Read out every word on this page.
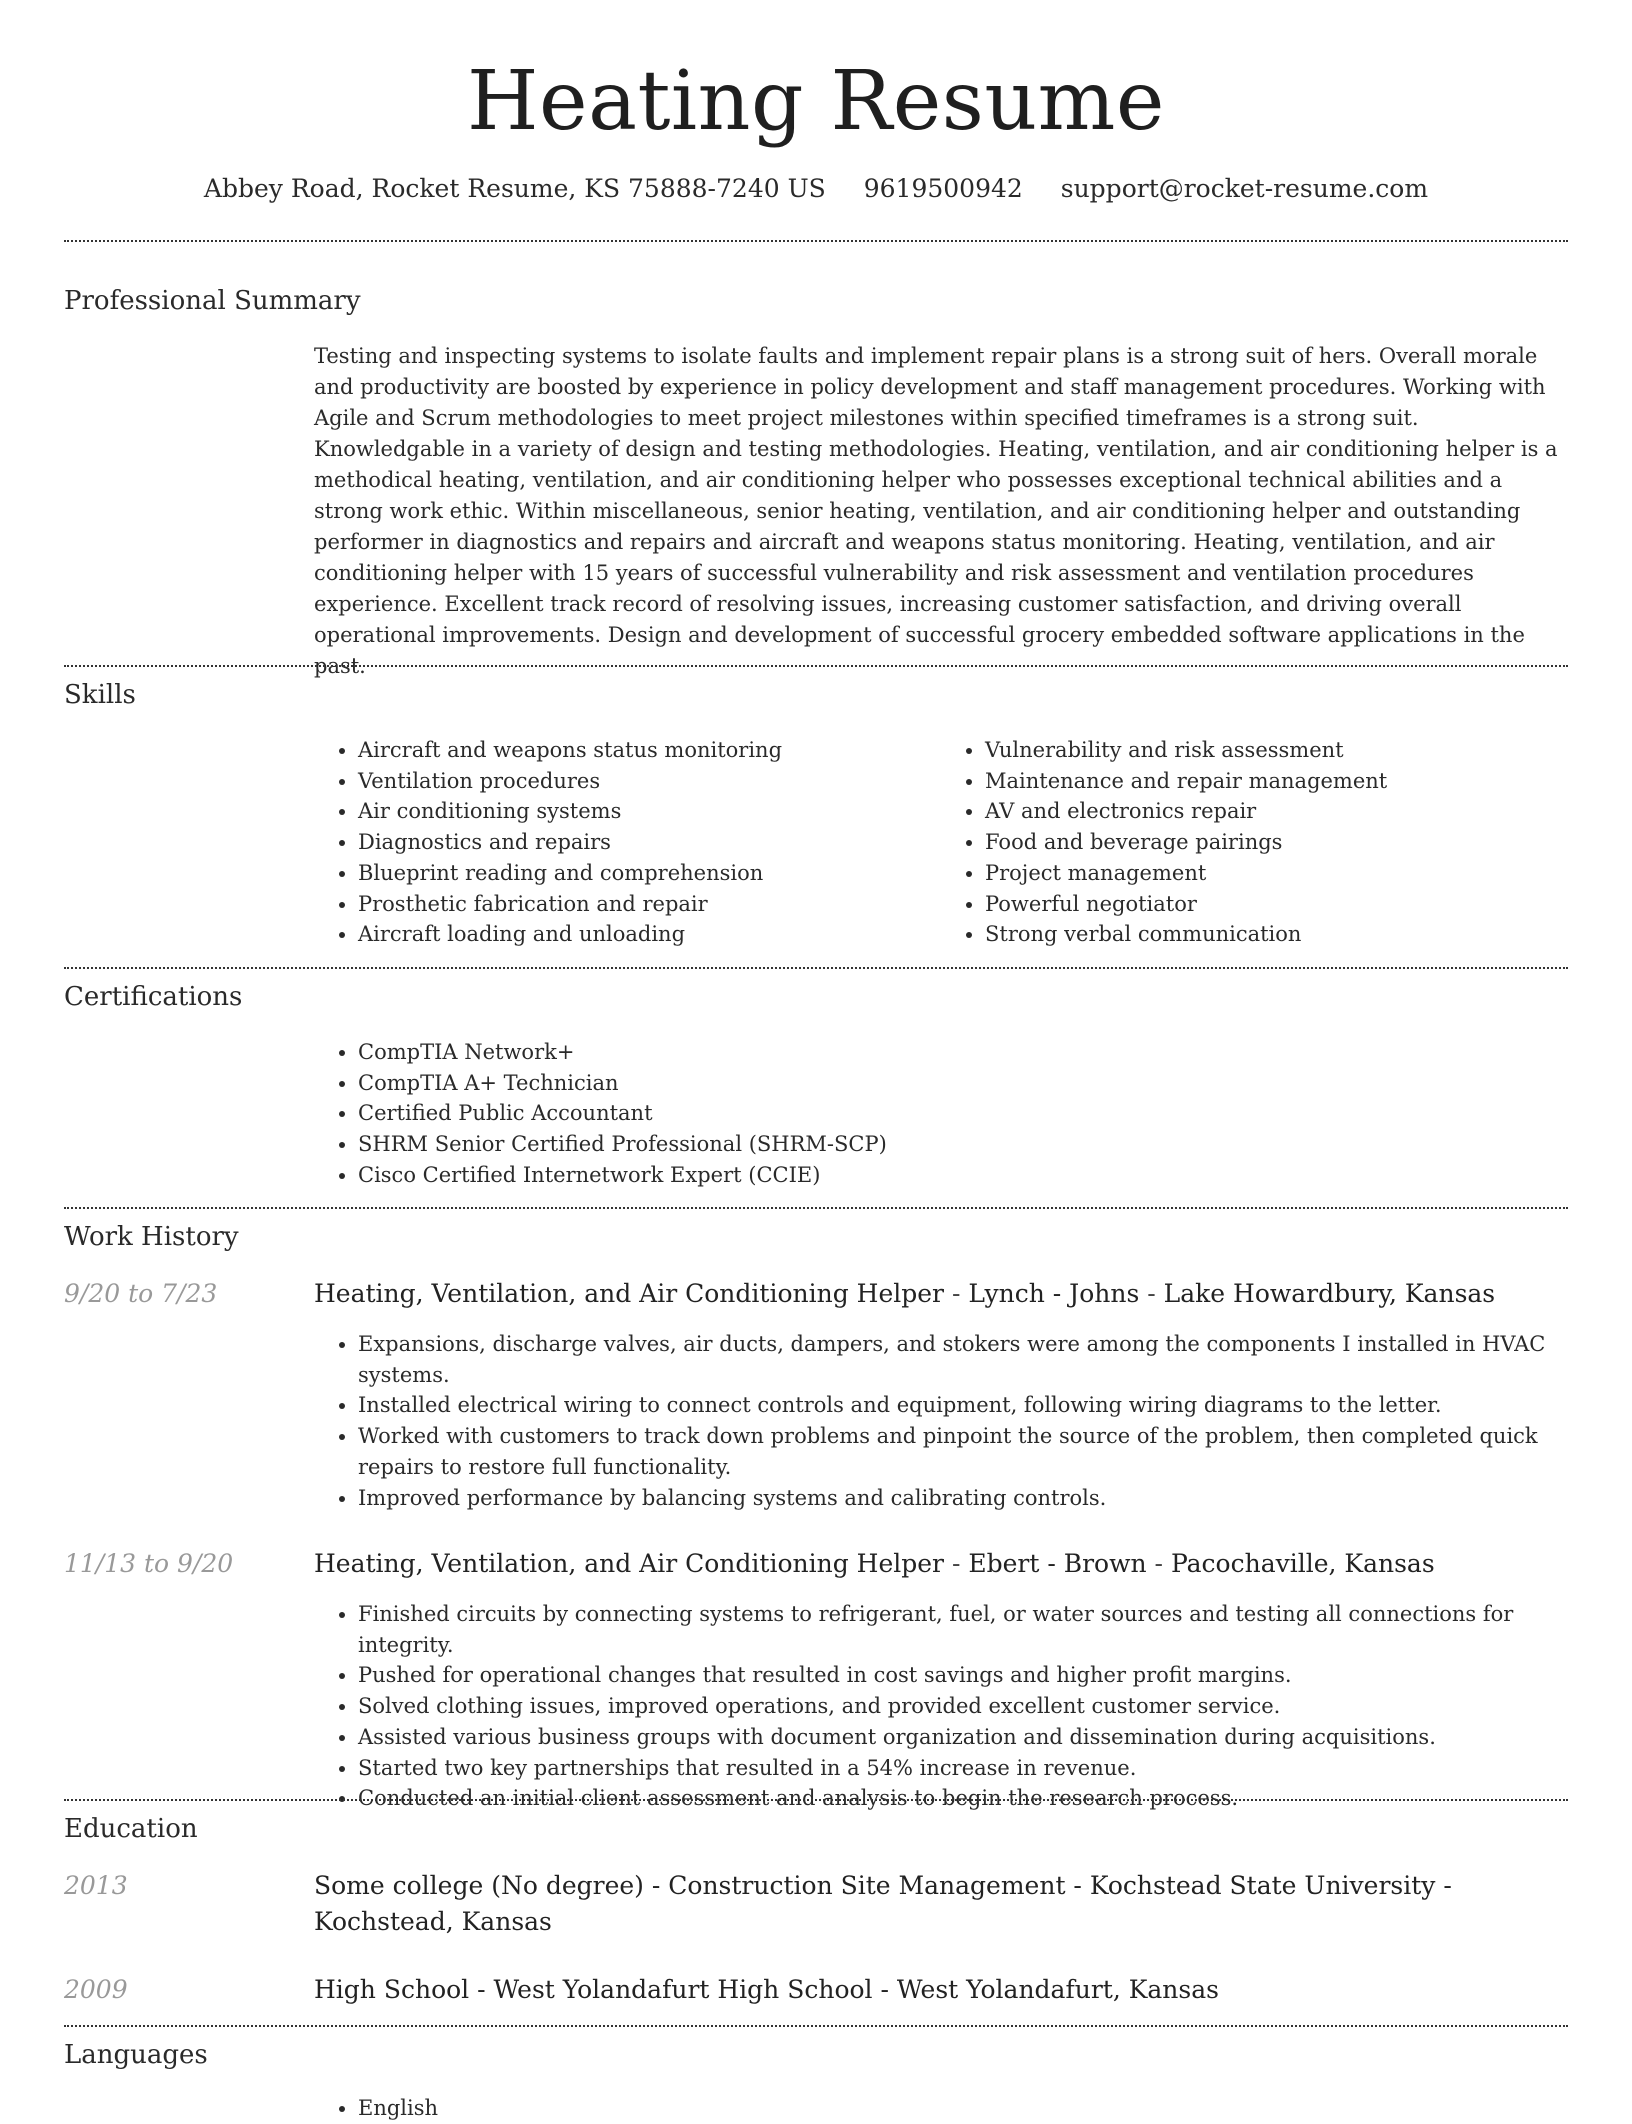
Heating Resume
Abbey Road, Rocket Resume, KS 75888-7240 US 9619500942 support@rocket-resume.com
Professional Summary

Testing and inspecting systems to isolate faults and implement repair plans is a strong suit of hers. Overall morale and productivity are boosted by experience in policy development and staff management procedures. Working with Agile and Scrum methodologies to meet project milestones within specified timeframes is a strong suit. Knowledgable in a variety of design and testing methodologies. Heating, ventilation, and air conditioning helper is a methodical heating, ventilation, and air conditioning helper who possesses exceptional technical abilities and a strong work ethic. Within miscellaneous, senior heating, ventilation, and air conditioning helper and outstanding performer in diagnostics and repairs and aircraft and weapons status monitoring. Heating, ventilation, and air conditioning helper with 15 years of successful vulnerability and risk assessment and ventilation procedures experience. Excellent track record of resolving issues, increasing customer satisfaction, and driving overall operational improvements. Design and development of successful grocery embedded software applications in the past.

Skills
• Aircraft and weapons status monitoring
• Ventilation procedures
• Air conditioning systems
• Diagnostics and repairs
• Blueprint reading and comprehension
• Prosthetic fabrication and repair
• Aircraft loading and unloading
• Vulnerability and risk assessment
• Maintenance and repair management
• AV and electronics repair
• Food and beverage pairings
• Project management
• Powerful negotiator
• Strong verbal communication
Certifications
• CompTIA Network+
• CompTIA A+ Technician
• Certified Public Accountant
• SHRM Senior Certified Professional (SHRM-SCP)
• Cisco Certified Internetwork Expert (CCIE)
Work History
9/20 to 7/23	Heating, Ventilation, and Air Conditioning Helper - Lynch - Johns - Lake Howardbury, Kansas
• Expansions, discharge valves, air ducts, dampers, and stokers were among the components I installed in HVAC systems.
• Installed electrical wiring to connect controls and equipment, following wiring diagrams to the letter.
• Worked with customers to track down problems and pinpoint the source of the problem, then completed quick repairs to restore full functionality.
• Improved performance by balancing systems and calibrating controls.
11/13 to 9/20	Heating, Ventilation, and Air Conditioning Helper - Ebert - Brown - Pacochaville, Kansas
• Finished circuits by connecting systems to refrigerant, fuel, or water sources and testing all connections for integrity.
• Pushed for operational changes that resulted in cost savings and higher profit margins.
• Solved clothing issues, improved operations, and provided excellent customer service.
• Assisted various business groups with document organization and dissemination during acquisitions.
• Started two key partnerships that resulted in a 54% increase in revenue.
• Conducted an initial client assessment and analysis to begin the research process.
Education
2013	Some college (No degree) - Construction Site Management - Kochstead State University - Kochstead, Kansas
2009	High School - West Yolandafurt High School - West Yolandafurt, Kansas
Languages
• English
